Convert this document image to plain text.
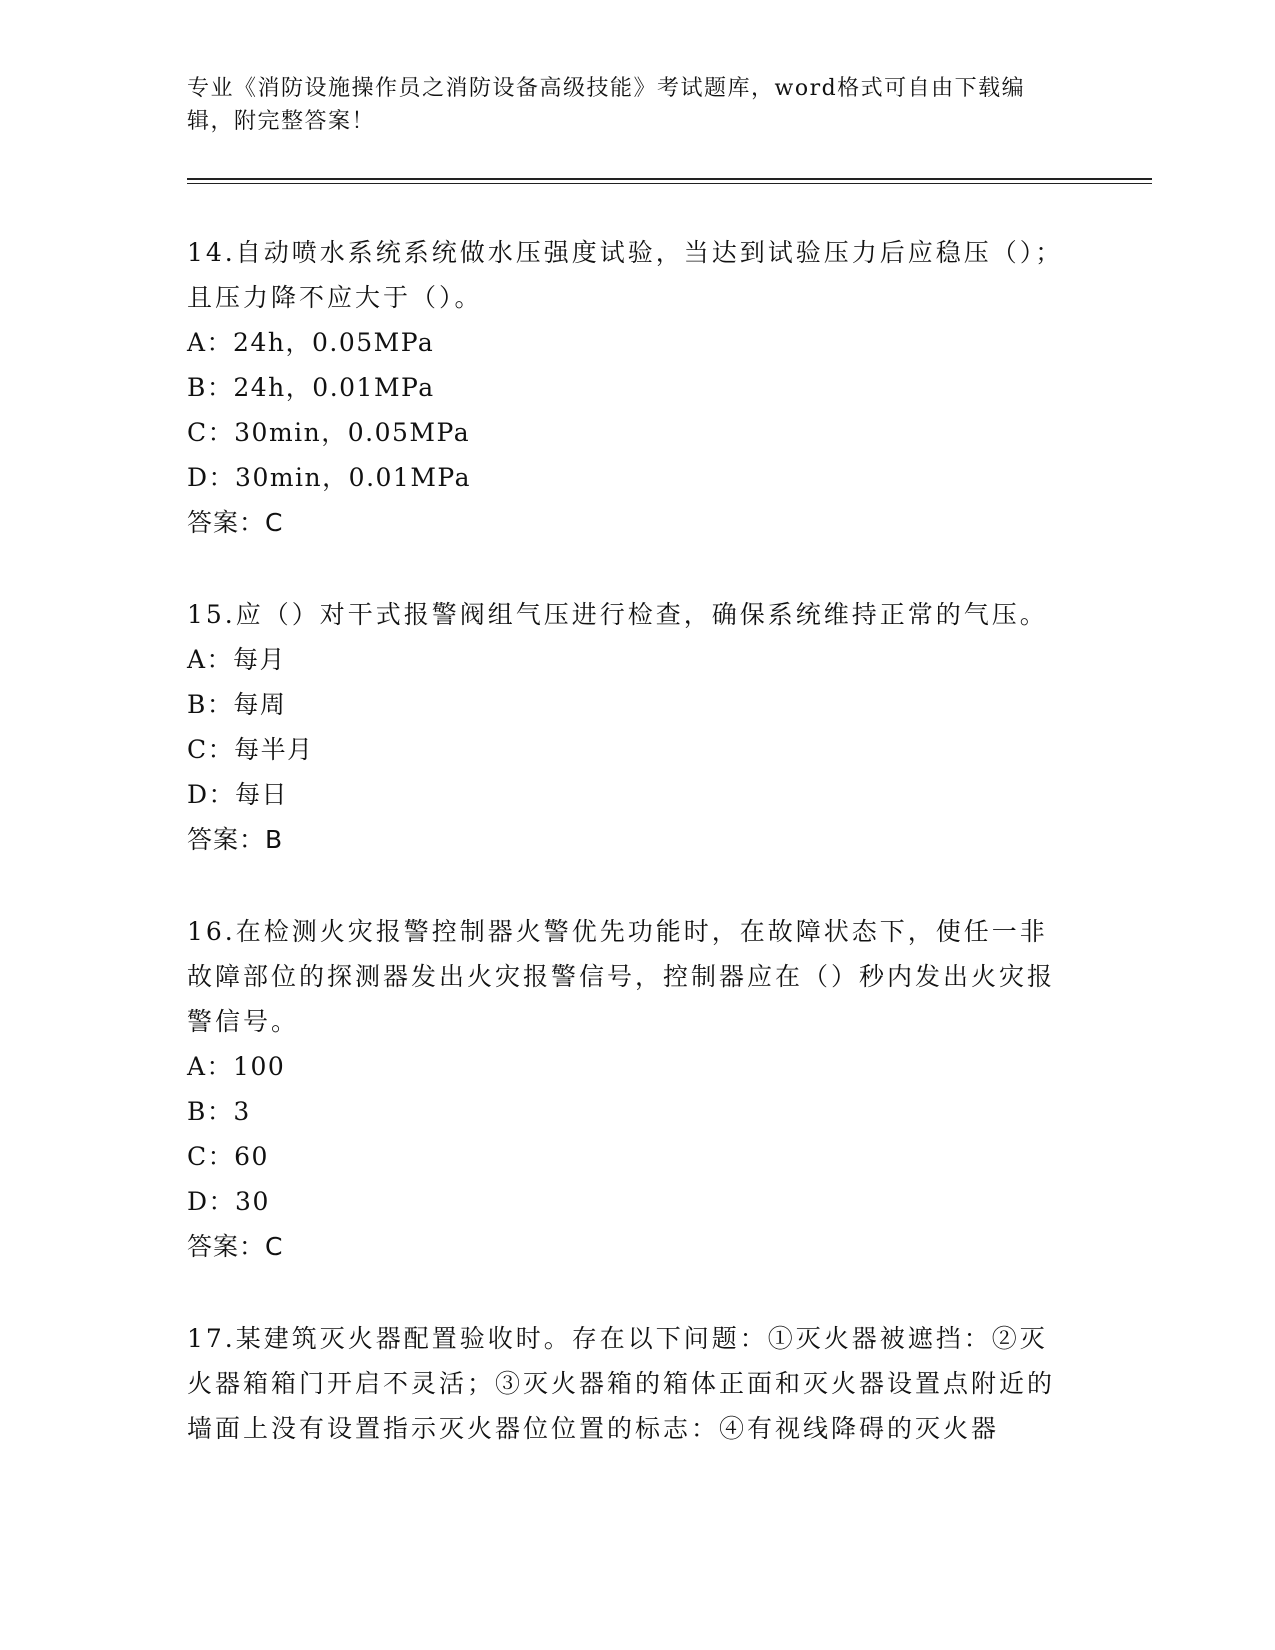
专业《消防设施操作员之消防设备高级技能》考试题库，word格式可自由下载编辑，附完整答案！

14.自动喷水系统系统做水压强度试验，当达到试验压力后应稳压（）；且压力降不应大于（）。

A：24h，0.05MPa

B：24h，0.01MPa

C：30min，0.05MPa

D：30min，0.01MPa

答案：C

15.应（）对干式报警阀组气压进行检查，确保系统维持正常的气压。

A：每月

B：每周

C：每半月

D：每日

答案：B

16.在检测火灾报警控制器火警优先功能时，在故障状态下，使任一非故障部位的探测器发出火灾报警信号，控制器应在（）秒内发出火灾报警信号。

A：100

B：3

C：60

D：30

答案：C

17.某建筑灭火器配置验收时。存在以下问题：①灭火器被遮挡：②灭火器箱箱门开启不灵活；③灭火器箱的箱体正面和灭火器设置点附近的墙面上没有设置指示灭火器位位置的标志：④有视线降碍的灭火器
